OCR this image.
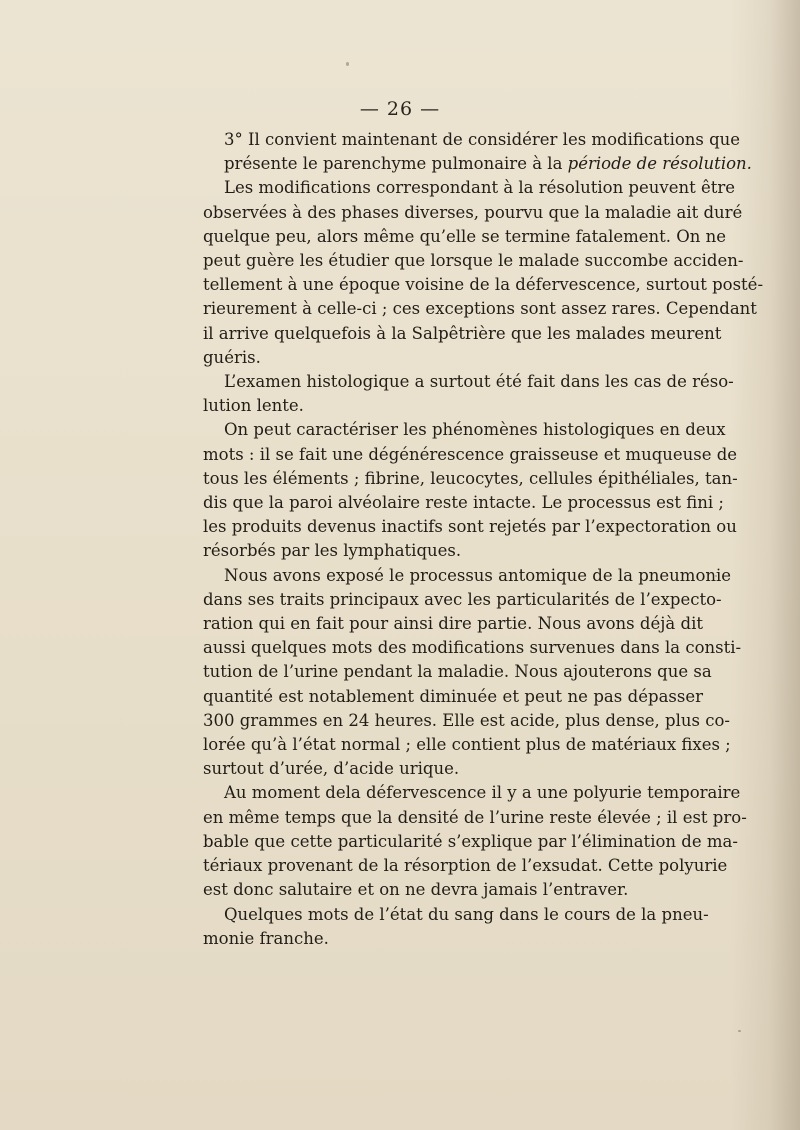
— 26 —

3° Il convient maintenant de considérer les modifications que
présente le parenchyme pulmonaire à la période de résolution.

Les modifications correspondant à la résolution peuvent être
observées à des phases diverses, pourvu que la maladie ait duré
quelque peu, alors même qu’elle se termine fatalement. On ne
peut guère les étudier que lorsque le malade succombe acciden-
tellement à une époque voisine de la défervescence, surtout posté-
rieurement à celle-ci ; ces exceptions sont assez rares. Cependant
il arrive quelquefois à la Salpêtrière que les malades meurent
guéris.

L’examen histologique a surtout été fait dans les cas de réso-
lution lente.

On peut caractériser les phénomènes histologiques en deux
mots : il se fait une dégénérescence graisseuse et muqueuse de
tous les éléments ; fibrine, leucocytes, cellules épithéliales, tan-
dis que la paroi alvéolaire reste intacte. Le processus est fini ;
les produits devenus inactifs sont rejetés par l’expectoration ou
résorbés par les lymphatiques.

Nous avons exposé le processus antomique de la pneumonie
dans ses traits principaux avec les particularités de l’expecto-
ration qui en fait pour ainsi dire partie. Nous avons déjà dit
aussi quelques mots des modifications survenues dans la consti-
tution de l’urine pendant la maladie. Nous ajouterons que sa
quantité est notablement diminuée et peut ne pas dépasser
300 grammes en 24 heures. Elle est acide, plus dense, plus co-
lorée qu’à l’état normal ; elle contient plus de matériaux fixes ;
surtout d’urée, d’acide urique.

Au moment dela défervescence il y a une polyurie temporaire
en même temps que la densité de l’urine reste élevée ; il est pro-
bable que cette particularité s’explique par l’élimination de ma-
tériaux provenant de la résorption de l’exsudat. Cette polyurie
est donc salutaire et on ne devra jamais l’entraver.

Quelques mots de l’état du sang dans le cours de la pneu-
monie franche.
